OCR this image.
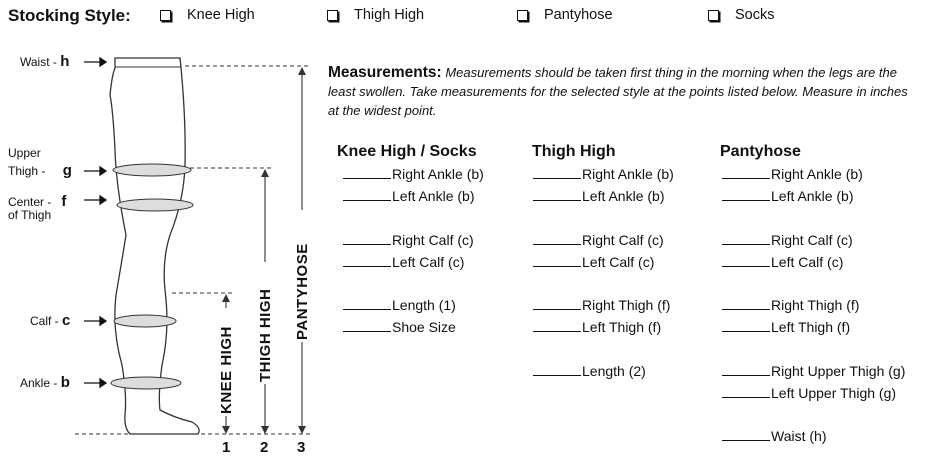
Stocking Style:	Knee High	Thigh High	Pantyhose	Socks
Waist - h
Upper
Thigh - g
Center - f
of Thigh
Calf - c
Ankle - b	KNEE HIGH THIGH HIGH PANTYHOSE
1 2 3
Measurements: Measurements should be taken first thing in the morning when the legs are the least swollen. Take measurements for the selected style at the points listed below. Measure in inches at the widest point.
Knee High / Socks
Right Ankle (b)
Left Ankle (b)
Right Calf (c)
Left Calf (c)
Length (1)
Shoe Size
Thigh High
Right Ankle (b)
Left Ankle (b)
Right Calf (c)
Left Calf (c)
Right Thigh (f)
Left Thigh (f)
Length (2)
Pantyhose
Right Ankle (b)
Left Ankle (b)
Right Calf (c)
Left Calf (c)
Right Thigh (f)
Left Thigh (f)
Right Upper Thigh (g)
Left Upper Thigh (g)
Waist (h)
